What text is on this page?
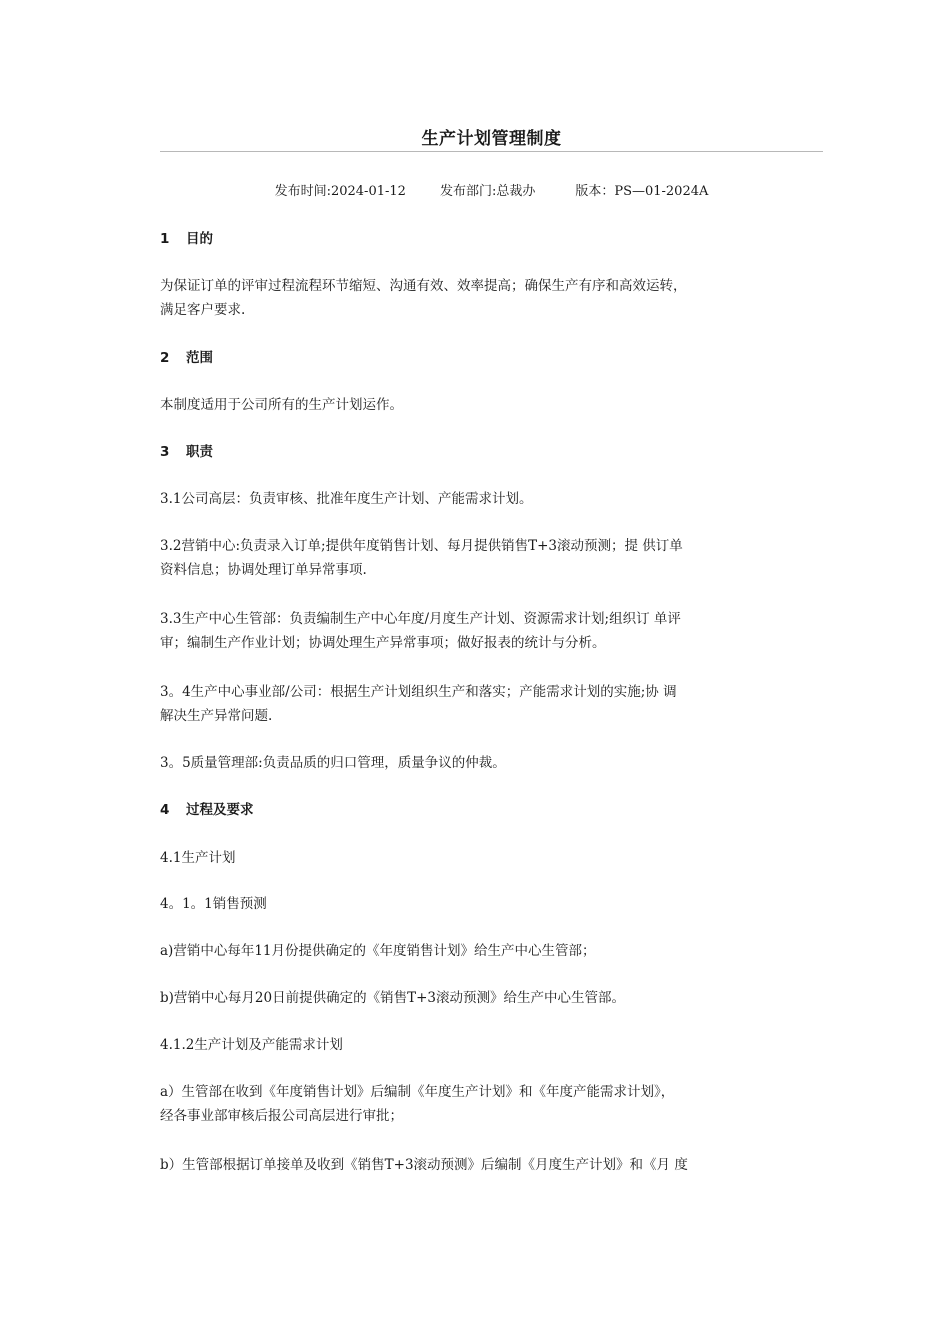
生产计划管理制度
发布时间:2024-01-12	发布部门:总裁办	版本：PS—01-2024A
1 目的
为保证订单的评审过程流程环节缩短、沟通有效、效率提高；确保生产有序和高效运转，
满足客户要求.
2 范围
本制度适用于公司所有的生产计划运作。
3 职责
3.1公司高层：负责审核、批准年度生产计划、产能需求计划。
3.2营销中心:负责录入订单;提供年度销售计划、每月提供销售T+3滚动预测；提 供订单
资料信息；协调处理订单异常事项.
3.3生产中心生管部：负责编制生产中心年度/月度生产计划、资源需求计划;组织订 单评
审；编制生产作业计划；协调处理生产异常事项；做好报表的统计与分析。
3。4生产中心事业部/公司：根据生产计划组织生产和落实；产能需求计划的实施;协 调
解决生产异常问题.
3。5质量管理部:负责品质的归口管理，质量争议的仲裁。
4 过程及要求
4.1生产计划
4。1。1销售预测
a)营销中心每年11月份提供确定的《年度销售计划》给生产中心生管部；
b)营销中心每月20日前提供确定的《销售T+3滚动预测》给生产中心生管部。
4.1.2生产计划及产能需求计划
a）生管部在收到《年度销售计划》后编制《年度生产计划》和《年度产能需求计划》，
经各事业部审核后报公司高层进行审批；
b）生管部根据订单接单及收到《销售T+3滚动预测》后编制《月度生产计划》和《月 度
